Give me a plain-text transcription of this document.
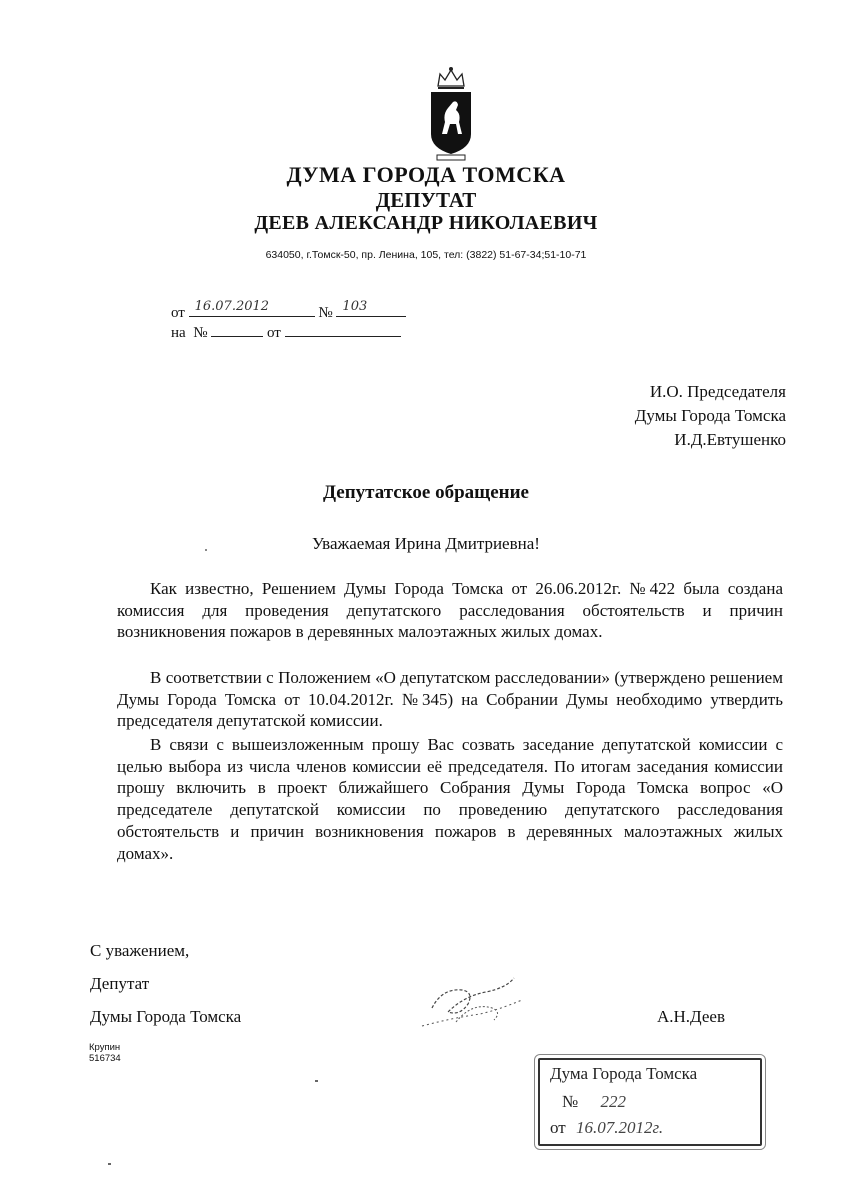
ДУМА ГОРОДА ТОМСКА
ДЕПУТАТ
ДЕЕВ АЛЕКСАНДР НИКОЛАЕВИЧ
634050, г.Томск-50, пр. Ленина, 105, тел: (3822) 51-67-34;51-10-71
от 16.07.2012	№ 103
на №	от
И.О. Председателя
Думы Города Томска
И.Д.Евтушенко
Депутатское обращение
Уважаемая Ирина Дмитриевна!
Как известно, Решением Думы Города Томска от 26.06.2012г. №422 была создана комиссия для проведения депутатского расследования обстоятельств и причин возникновения пожаров в деревянных малоэтажных жилых домах.
В соответствии с Положением «О депутатском расследовании» (утверждено решением Думы Города Томска от 10.04.2012г. №345) на Собрании Думы необходимо утвердить председателя депутатской комиссии.
В связи с вышеизложенным прошу Вас созвать заседание депутатской комиссии с целью выбора из числа членов комиссии её председателя. По итогам заседания комиссии прошу включить в проект ближайшего Собрания Думы Города Томска вопрос «О председателе депутатской комиссии по проведению депутатского расследования обстоятельств и причин возникновения пожаров в деревянных малоэтажных жилых домах».
С уважением,
Депутат
Думы Города Томска	А.Н.Деев
Крупин
516734
Дума Города Томска
№ 222
от 16.07.2012г.
